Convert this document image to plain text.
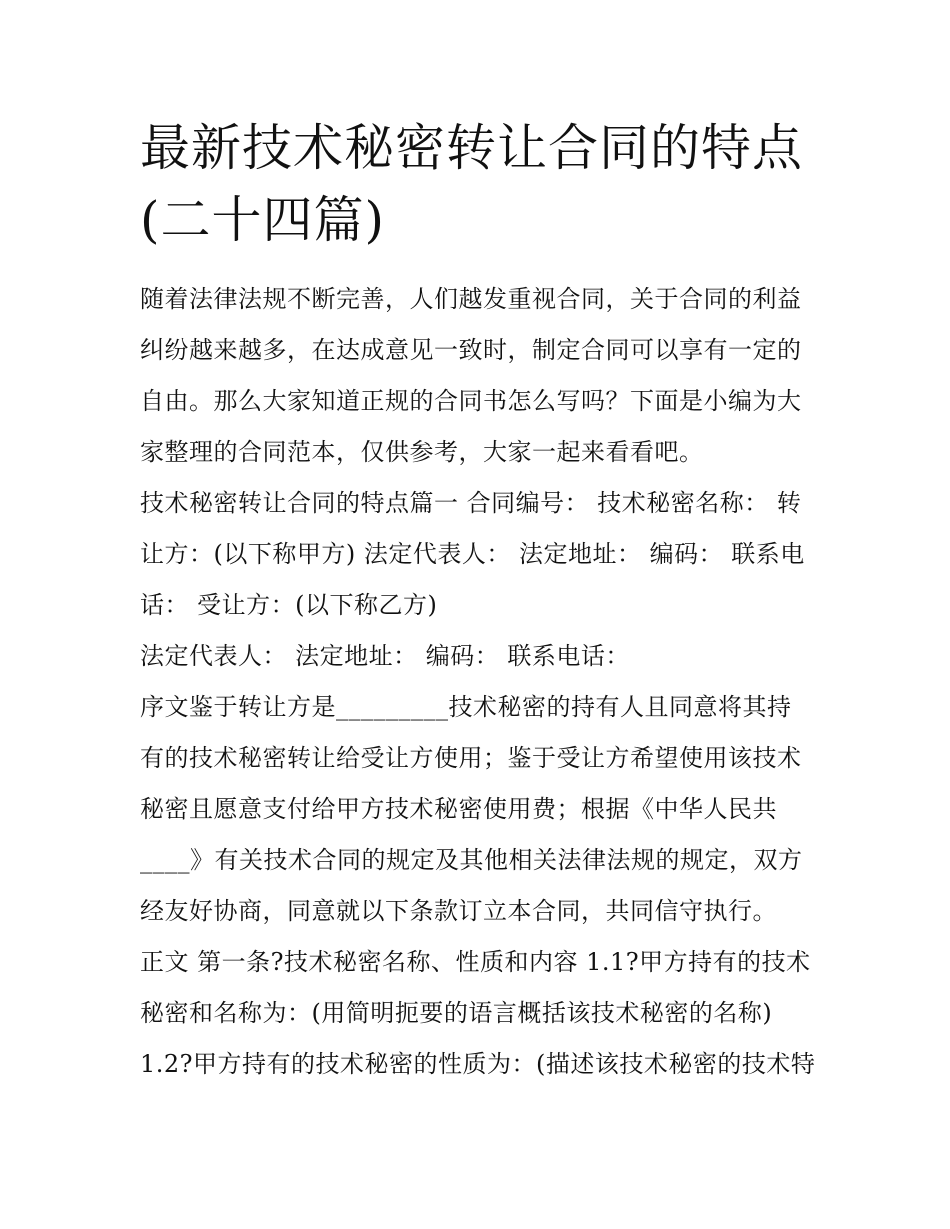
最新技术秘密转让合同的特点
(二十四篇)
随着法律法规不断完善，人们越发重视合同，关于合同的利益
纠纷越来越多，在达成意见一致时，制定合同可以享有一定的
自由。那么大家知道正规的合同书怎么写吗？下面是小编为大
家整理的合同范本，仅供参考，大家一起来看看吧。
技术秘密转让合同的特点篇一 合同编号： 技术秘密名称： 转
让方：(以下称甲方) 法定代表人： 法定地址： 编码： 联系电
话： 受让方：(以下称乙方)
法定代表人： 法定地址： 编码： 联系电话：
序文鉴于转让方是_________技术秘密的持有人且同意将其持
有的技术秘密转让给受让方使用；鉴于受让方希望使用该技术
秘密且愿意支付给甲方技术秘密使用费；根据《中华人民共
____》有关技术合同的规定及其他相关法律法规的规定，双方
经友好协商，同意就以下条款订立本合同，共同信守执行。
正文 第一条?技术秘密名称、性质和内容 1.1?甲方持有的技术
秘密和名称为：(用简明扼要的语言概括该技术秘密的名称)
1.2?甲方持有的技术秘密的性质为：(描述该技术秘密的技术特
